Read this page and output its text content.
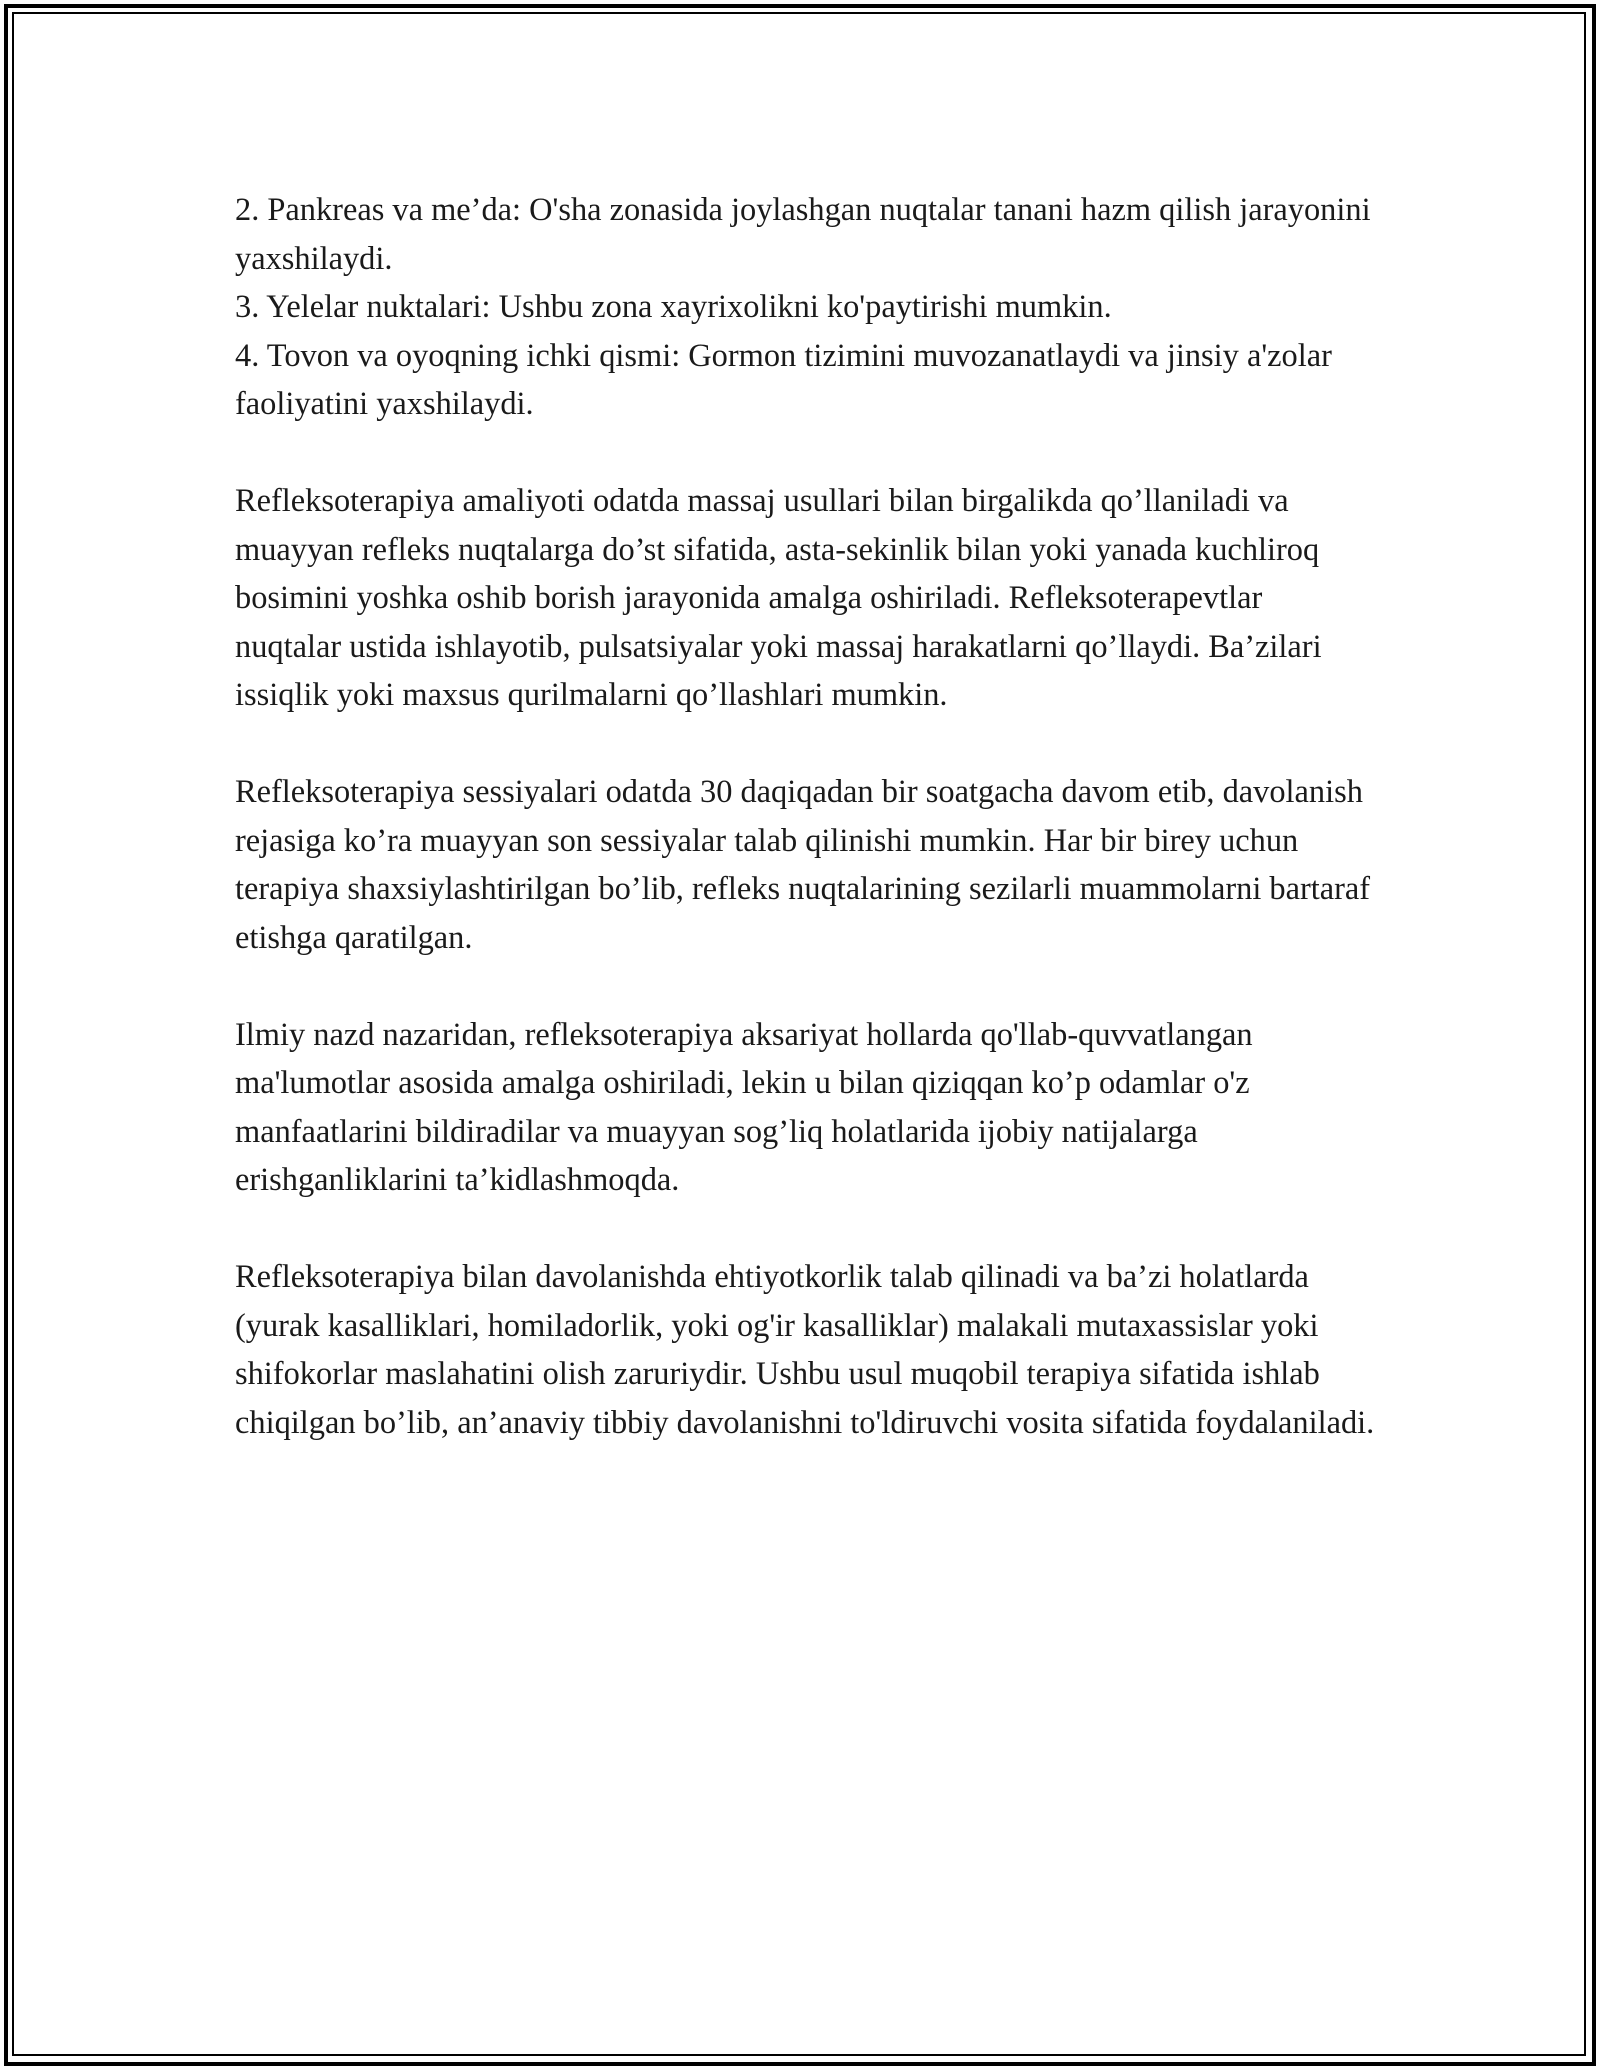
2. Pankreas va me’da: O'sha zonasida joylashgan nuqtalar tanani hazm qilish jarayonini yaxshilaydi.
3. Yelelar nuktalari: Ushbu zona xayrixolikni ko'paytirishi mumkin.
4. Tovon va oyoqning ichki qismi: Gormon tizimini muvozanatlaydi va jinsiy a'zolar faoliyatini yaxshilaydi.

Refleksoterapiya amaliyoti odatda massaj usullari bilan birgalikda qo’llaniladi va muayyan refleks nuqtalarga do’st sifatida, asta-sekinlik bilan yoki yanada kuchliroq bosimini yoshka oshib borish jarayonida amalga oshiriladi. Refleksoterapevtlar nuqtalar ustida ishlayotib, pulsatsiyalar yoki massaj harakatlarni qo’llaydi. Ba’zilari issiqlik yoki maxsus qurilmalarni qo’llashlari mumkin.

Refleksoterapiya sessiyalari odatda 30 daqiqadan bir soatgacha davom etib, davolanish rejasiga ko’ra muayyan son sessiyalar talab qilinishi mumkin. Har bir birey uchun terapiya shaxsiylashtirilgan bo’lib, refleks nuqtalarining sezilarli muammolarni bartaraf etishga qaratilgan.

Ilmiy nazd nazaridan, refleksoterapiya aksariyat hollarda qo'llab-quvvatlangan ma'lumotlar asosida amalga oshiriladi, lekin u bilan qiziqqan ko’p odamlar o'z manfaatlarini bildiradilar va muayyan sog’liq holatlarida ijobiy natijalarga erishganliklarini ta’kidlashmoqda.

Refleksoterapiya bilan davolanishda ehtiyotkorlik talab qilinadi va ba’zi holatlarda (yurak kasalliklari, homiladorlik, yoki og'ir kasalliklar) malakali mutaxassislar yoki shifokorlar maslahatini olish zaruriydir. Ushbu usul muqobil terapiya sifatida ishlab chiqilgan bo’lib, an’anaviy tibbiy davolanishni to'ldiruvchi vosita sifatida foydalaniladi.
